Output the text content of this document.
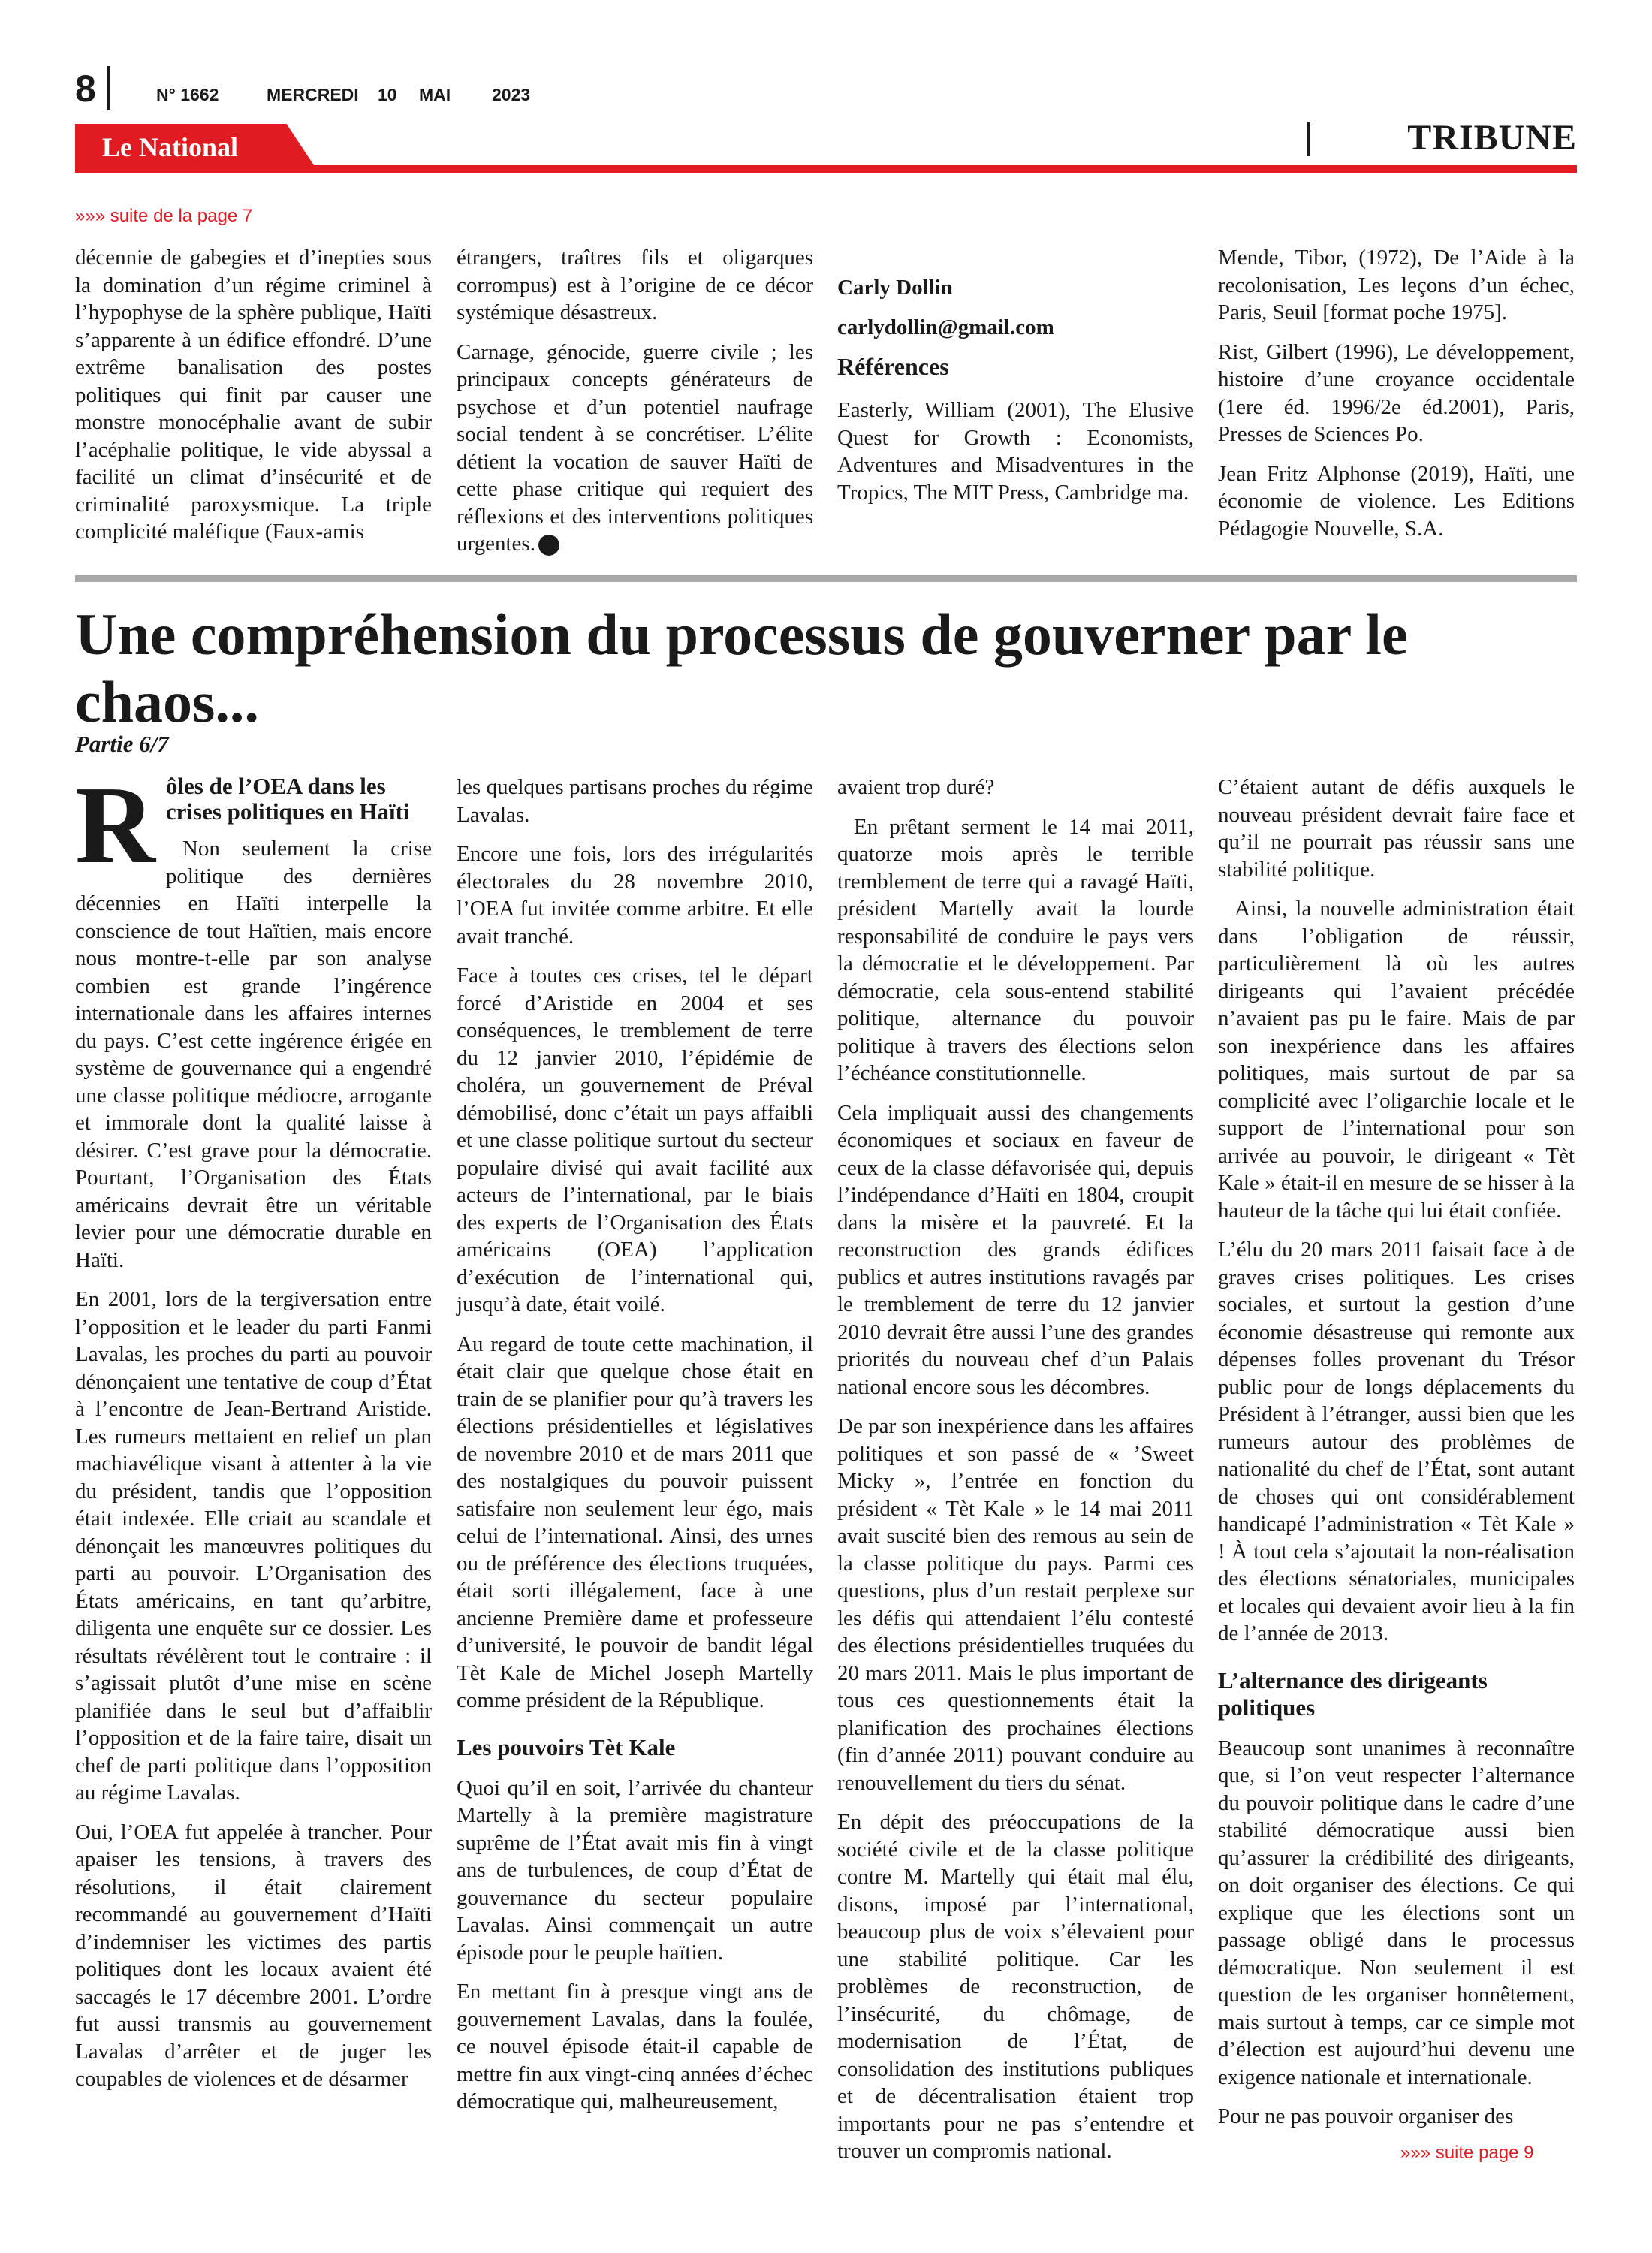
8	N° 1662	MERCREDI 10 MAI 2023
Le National	TRIBUNE
»»» suite de la page 7

décennie de gabegies et d’inepties sous la domination d’un régime criminel à l’hypophyse de la sphère publique, Haïti s’apparente à un édifice effondré. D’une extrême banalisation des postes politiques qui finit par causer une monstre monocéphalie avant de subir l’acéphalie politique, le vide abyssal a facilité un climat d’insécurité et de criminalité paroxysmique. La triple complicité maléfique (Faux-amis

étrangers, traîtres fils et oligarques corrompus) est à l’origine de ce décor systémique désastreux.

Carnage, génocide, guerre civile ; les principaux concepts générateurs de psychose et d’un potentiel naufrage social tendent à se concrétiser. L’élite détient la vocation de sauver Haïti de cette phase critique qui requiert des réflexions et des interventions politiques urgentes.

Carly Dollin

carlydollin@gmail.com

Références

Easterly, William (2001), The Elusive Quest for Growth : Economists, Adventures and Misadventures in the Tropics, The MIT Press, Cambridge ma.

Mende, Tibor, (1972), De l’Aide à la recolonisation, Les leçons d’un échec, Paris, Seuil [format poche 1975].

Rist, Gilbert (1996), Le développement, histoire d’une croyance occidentale (1ere éd. 1996/2e éd.2001), Paris, Presses de Sciences Po.

Jean Fritz Alphonse (2019), Haïti, une économie de violence. Les Editions Pédagogie Nouvelle, S.A.

Une compréhension du processus de gouverner par le chaos...
Partie 6/7
R ôles de l’OEA dans les crises politiques en Haïti

Non seulement la crise politique des dernières décennies en Haïti interpelle la conscience de tout Haïtien, mais encore nous montre-t-elle par son analyse combien est grande l’ingérence internationale dans les affaires internes du pays. C’est cette ingérence érigée en système de gouvernance qui a engendré une classe politique médiocre, arrogante et immorale dont la qualité laisse à désirer. C’est grave pour la démocratie. Pourtant, l’Organisation des États américains devrait être un véritable levier pour une démocratie durable en Haïti.

En 2001, lors de la tergiversation entre l’opposition et le leader du parti Fanmi Lavalas, les proches du parti au pouvoir dénonçaient une tentative de coup d’État à l’encontre de Jean-Bertrand Aristide. Les rumeurs mettaient en relief un plan machiavélique visant à attenter à la vie du président, tandis que l’opposition était indexée. Elle criait au scandale et dénonçait les manœuvres politiques du parti au pouvoir. L’Organisation des États américains, en tant qu’arbitre, diligenta une enquête sur ce dossier. Les résultats révélèrent tout le contraire : il s’agissait plutôt d’une mise en scène planifiée dans le seul but d’affaiblir l’opposition et de la faire taire, disait un chef de parti politique dans l’opposition au régime Lavalas.

Oui, l’OEA fut appelée à trancher. Pour apaiser les tensions, à travers des résolutions, il était clairement recommandé au gouvernement d’Haïti d’indemniser les victimes des partis politiques dont les locaux avaient été saccagés le 17 décembre 2001. L’ordre fut aussi transmis au gouvernement Lavalas d’arrêter et de juger les coupables de violences et de désarmer

les quelques partisans proches du régime Lavalas.

Encore une fois, lors des irrégularités électorales du 28 novembre 2010, l’OEA fut invitée comme arbitre. Et elle avait tranché.

Face à toutes ces crises, tel le départ forcé d’Aristide en 2004 et ses conséquences, le tremblement de terre du 12 janvier 2010, l’épidémie de choléra, un gouvernement de Préval démobilisé, donc c’était un pays affaibli et une classe politique surtout du secteur populaire divisé qui avait facilité aux acteurs de l’international, par le biais des experts de l’Organisation des États américains (OEA) l’application d’exécution de l’international qui, jusqu’à date, était voilé.

Au regard de toute cette machination, il était clair que quelque chose était en train de se planifier pour qu’à travers les élections présidentielles et législatives de novembre 2010 et de mars 2011 que des nostalgiques du pouvoir puissent satisfaire non seulement leur égo, mais celui de l’international. Ainsi, des urnes ou de préférence des élections truquées, était sorti illégalement, face à une ancienne Première dame et professeure d’université, le pouvoir de bandit légal Tèt Kale de Michel Joseph Martelly comme président de la République.

Les pouvoirs Tèt Kale

Quoi qu’il en soit, l’arrivée du chanteur Martelly à la première magistrature suprême de l’État avait mis fin à vingt ans de turbulences, de coup d’État de gouvernance du secteur populaire Lavalas. Ainsi commençait un autre épisode pour le peuple haïtien.

En mettant fin à presque vingt ans de gouvernement Lavalas, dans la foulée, ce nouvel épisode était-il capable de mettre fin aux vingt-cinq années d’échec démocratique qui, malheureusement,

avaient trop duré?

En prêtant serment le 14 mai 2011, quatorze mois après le terrible tremblement de terre qui a ravagé Haïti, président Martelly avait la lourde responsabilité de conduire le pays vers la démocratie et le développement. Par démocratie, cela sous-entend stabilité politique, alternance du pouvoir politique à travers des élections selon l’échéance constitutionnelle.

Cela impliquait aussi des changements économiques et sociaux en faveur de ceux de la classe défavorisée qui, depuis l’indépendance d’Haïti en 1804, croupit dans la misère et la pauvreté. Et la reconstruction des grands édifices publics et autres institutions ravagés par le tremblement de terre du 12 janvier 2010 devrait être aussi l’une des grandes priorités du nouveau chef d’un Palais national encore sous les décombres.

De par son inexpérience dans les affaires politiques et son passé de « ’Sweet Micky », l’entrée en fonction du président « Tèt Kale » le 14 mai 2011 avait suscité bien des remous au sein de la classe politique du pays. Parmi ces questions, plus d’un restait perplexe sur les défis qui attendaient l’élu contesté des élections présidentielles truquées du 20 mars 2011. Mais le plus important de tous ces questionnements était la planification des prochaines élections (fin d’année 2011) pouvant conduire au renouvellement du tiers du sénat.

En dépit des préoccupations de la société civile et de la classe politique contre M. Martelly qui était mal élu, disons, imposé par l’international, beaucoup plus de voix s’élevaient pour une stabilité politique. Car les problèmes de reconstruction, de l’insécurité, du chômage, de modernisation de l’État, de consolidation des institutions publiques et de décentralisation étaient trop importants pour ne pas s’entendre et trouver un compromis national.

C’étaient autant de défis auxquels le nouveau président devrait faire face et qu’il ne pourrait pas réussir sans une stabilité politique.

Ainsi, la nouvelle administration était dans l’obligation de réussir, particulièrement là où les autres dirigeants qui l’avaient précédée n’avaient pas pu le faire. Mais de par son inexpérience dans les affaires politiques, mais surtout de par sa complicité avec l’oligarchie locale et le support de l’international pour son arrivée au pouvoir, le dirigeant « Tèt Kale » était-il en mesure de se hisser à la hauteur de la tâche qui lui était confiée.

L’élu du 20 mars 2011 faisait face à de graves crises politiques. Les crises sociales, et surtout la gestion d’une économie désastreuse qui remonte aux dépenses folles provenant du Trésor public pour de longs déplacements du Président à l’étranger, aussi bien que les rumeurs autour des problèmes de nationalité du chef de l’État, sont autant de choses qui ont considérablement handicapé l’administration « Tèt Kale » ! À tout cela s’ajoutait la non-réalisation des élections sénatoriales, municipales et locales qui devaient avoir lieu à la fin de l’année de 2013.

L’alternance des dirigeants politiques

Beaucoup sont unanimes à reconnaître que, si l’on veut respecter l’alternance du pouvoir politique dans le cadre d’une stabilité démocratique aussi bien qu’assurer la crédibilité des dirigeants, on doit organiser des élections. Ce qui explique que les élections sont un passage obligé dans le processus démocratique. Non seulement il est question de les organiser honnêtement, mais surtout à temps, car ce simple mot d’élection est aujourd’hui devenu une exigence nationale et internationale.

Pour ne pas pouvoir organiser des

»»» suite page 9
